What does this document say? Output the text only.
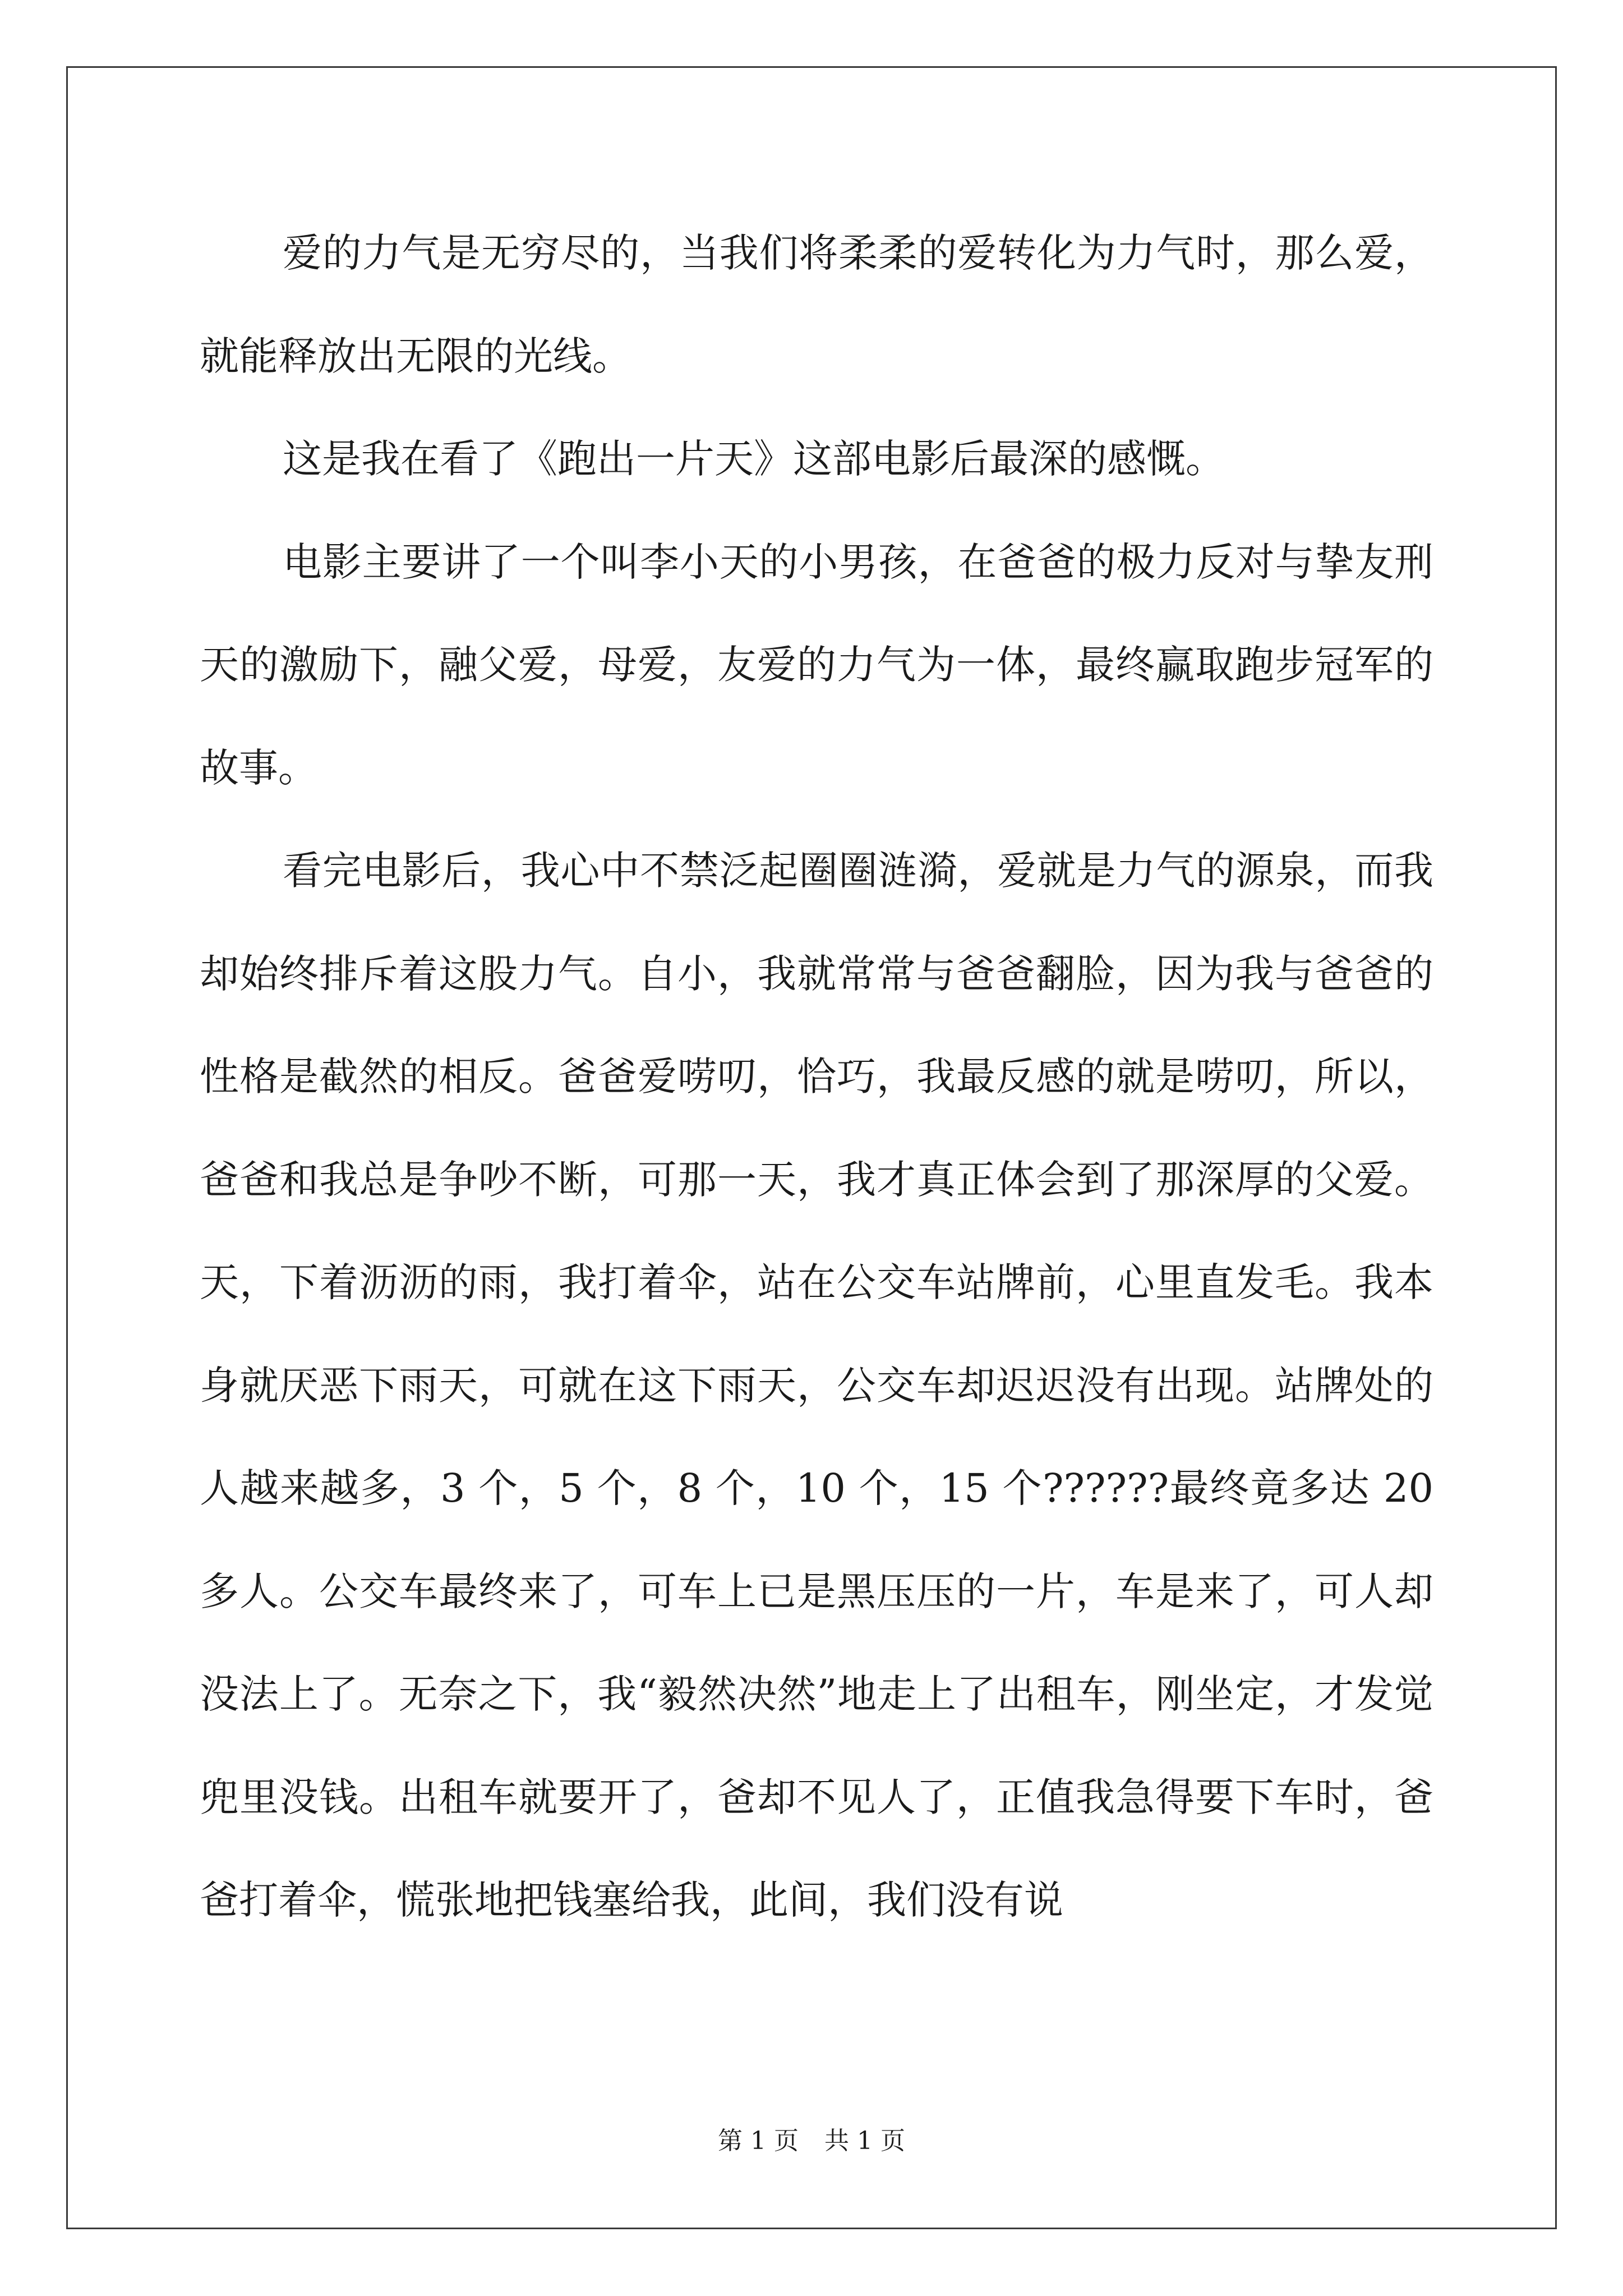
爱的力气是无穷尽的，当我们将柔柔的爱转化为力气时，那么爱，就能释放出无限的光线。

这是我在看了《跑出一片天》这部电影后最深的感慨。

电影主要讲了一个叫李小天的小男孩，在爸爸的极力反对与挚友刑天的激励下，融父爱，母爱，友爱的力气为一体，最终赢取跑步冠军的故事。

看完电影后，我心中不禁泛起圈圈涟漪，爱就是力气的源泉，而我却始终排斥着这股力气。自小，我就常常与爸爸翻脸，因为我与爸爸的性格是截然的相反。爸爸爱唠叨，恰巧，我最反感的就是唠叨，所以，爸爸和我总是争吵不断，可那一天，我才真正体会到了那深厚的父爱。天，下着沥沥的雨，我打着伞，站在公交车站牌前，心里直发毛。我本身就厌恶下雨天，可就在这下雨天，公交车却迟迟没有出现。站牌处的人越来越多，3 个，5 个，8 个，10 个，15 个??????最终竟多达 20 多人。公交车最终来了，可车上已是黑压压的一片，车是来了，可人却没法上了。无奈之下，我“毅然决然”地走上了出租车，刚坐定，才发觉兜里没钱。出租车就要开了，爸却不见人了，正值我急得要下车时，爸爸打着伞，慌张地把钱塞给我，此间，我们没有说

第 1 页 共 1 页
